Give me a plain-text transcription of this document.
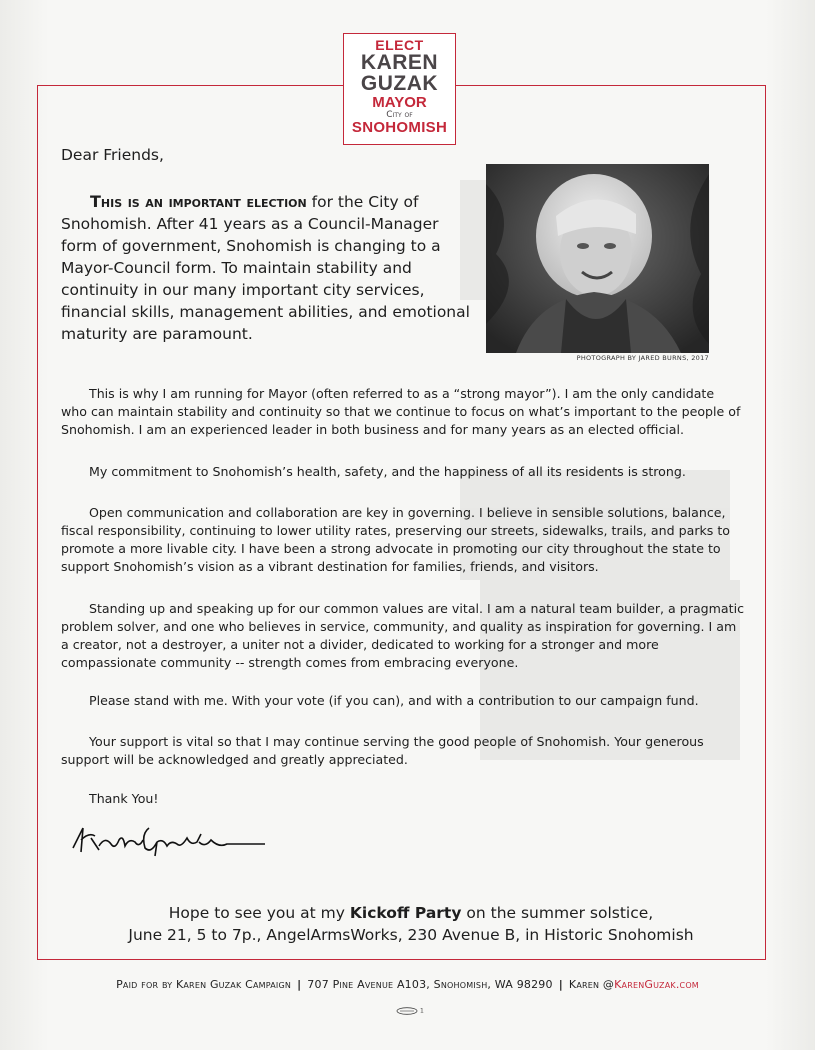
ELECT
KAREN
GUZAK
MAYOR
City of
SNOHOMISH
Dear Friends,
This is an important election for the City of Snohomish. After 41 years as a Council-Manager form of government, Snohomish is changing to a Mayor-Council form. To maintain stability and continuity in our many important city services, financial skills, management abilities, and emotional maturity are paramount.
PHOTOGRAPH BY JARED BURNS, 2017
This is why I am running for Mayor (often referred to as a “strong mayor”). I am the only candidate who can maintain stability and continuity so that we continue to focus on what’s important to the people of Snohomish. I am an experienced leader in both business and for many years as an elected official.
My commitment to Snohomish’s health, safety, and the happiness of all its residents is strong.
Open communication and collaboration are key in governing. I believe in sensible solutions, balance, fiscal responsibility, continuing to lower utility rates, preserving our streets, sidewalks, trails, and parks to promote a more livable city. I have been a strong advocate in promoting our city throughout the state to support Snohomish’s vision as a vibrant destination for families, friends, and visitors.
Standing up and speaking up for our common values are vital. I am a natural team builder, a pragmatic problem solver, and one who believes in service, community, and quality as inspiration for governing. I am a creator, not a destroyer, a uniter not a divider, dedicated to working for a stronger and more compassionate community -- strength comes from embracing everyone.
Please stand with me. With your vote (if you can), and with a contribution to our campaign fund.
Your support is vital so that I may continue serving the good people of Snohomish. Your generous support will be acknowledged and greatly appreciated.
Thank You!
Hope to see you at my Kickoff Party on the summer solstice,
June 21, 5 to 7p., AngelArmsWorks, 230 Avenue B, in Historic Snohomish
Paid for by Karen Guzak Campaign | 707 Pine Avenue A103, Snohomish, WA 98290 | Karen @KarenGuzak.com
1
